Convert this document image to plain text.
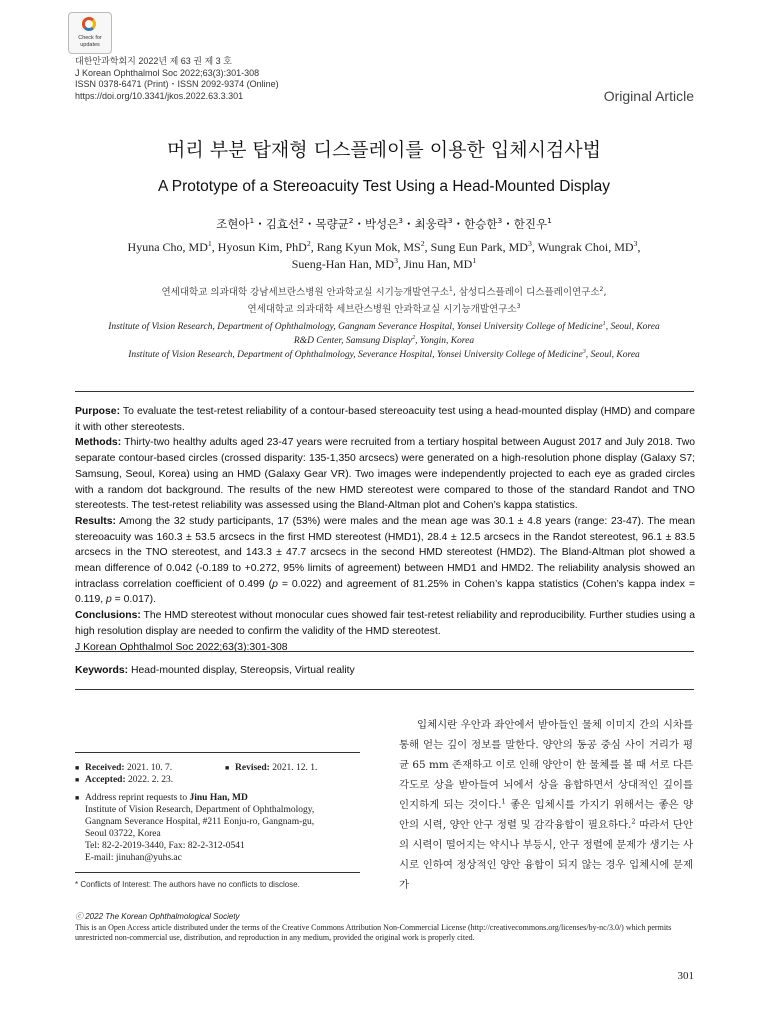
Check for
updates
대한안과학회지 2022년 제 63 권 제 3 호
J Korean Ophthalmol Soc 2022;63(3):301-308
ISSN 0378-6471 (Print)・ISSN 2092-9374 (Online)
https://doi.org/10.3341/jkos.2022.63.3.301	Original Article
머리 부분 탑재형 디스플레이를 이용한 입체시검사법
A Prototype of a Stereoacuity Test Using a Head-Mounted Display
조현아$^1$・김효선$^2$・목량균$^2$・박성은$^3$・최웅락$^3$・한승한$^3$・한진우$^1$
Hyuna Cho, $MD^1$, Hyosun Kim, PhD$^2$, Rang Kyun Mok, $MS^2$, Sung Eun Park, $MD^3$, Wungrak Choi, $MD^3$,
Sueng-Han Han, $MD^3$, Jinu Han, $MD^1$
연세대학교 의과대학 강남세브란스병원 안과학교실 시기능개발연구소$^1$, 삼성디스플레이 디스플레이연구소$^2$,
연세대학교 의과대학 세브란스병원 안과학교실 시기능개발연구소$^3$
Institute of Vision Research, Department of Ophthalmology, Gangnam Severance Hospital, Yonsei University College of Medicine$^1$, Seoul, Korea
R&D Center, Samsung Display$^2$, Yongin, Korea
Institute of Vision Research, Department of Ophthalmology, Severance Hospital, Yonsei University College of Medicine$^3$, Seoul, Korea

Purpose: To evaluate the test-retest reliability of a contour-based stereoacuity test using a head-mounted display (HMD) and compare it with other stereotests.

Methods: Thirty-two healthy adults aged 23-47 years were recruited from a tertiary hospital between August 2017 and July 2018. Two separate contour-based circles (crossed disparity: 135-1,350 arcsecs) were generated on a high-resolution phone display (Galaxy S7; Samsung, Seoul, Korea) using an HMD (Galaxy Gear VR). Two images were independently projected to each eye as graded circles with a random dot background. The results of the new HMD stereotest were compared to those of the standard Randot and TNO stereotests. The test-retest reliability was assessed using the Bland-Altman plot and Cohen’s kappa statistics.

Results: Among the 32 study participants, 17 (53%) were males and the mean age was 30.1 ± 4.8 years (range: 23-47). The mean stereoacuity was 160.3 ± 53.5 arcsecs in the first HMD stereotest (HMD1), 28.4 ± 12.5 arcsecs in the Randot stereotest, 96.1 ± 83.5 arcsecs in the TNO stereotest, and 143.3 ± 47.7 arcsecs in the second HMD stereotest (HMD2). The Bland-Altman plot showed a mean difference of 0.042 (-0.189 to +0.272, 95% limits of agreement) between HMD1 and HMD2. The reliability analysis showed an intraclass correlation coefficient of 0.499 (p = 0.022) and agreement of 81.25% in Cohen’s kappa statistics (Cohen’s kappa index = 0.119, p = 0.017).

Conclusions: The HMD stereotest without monocular cues showed fair test-retest reliability and reproducibility. Further studies using a high resolution display are needed to confirm the validity of the HMD stereotest.

J Korean Ophthalmol Soc 2022;63(3):301-308

Keywords: Head-mounted display, Stereopsis, Virtual reality
■ Received: 2021. 10. 7.
■	Revised: 2021. 12. 1.
■ Accepted: 2022. 2. 23.
■ Address reprint requests to Jinu Han, MD
Institute of Vision Research, Department of Ophthalmology,
Gangnam Severance Hospital, #211 Eonju-ro, Gangnam-gu,
Seoul 03722, Korea
Tel: 82-2-2019-3440, Fax: 82-2-312-0541
E-mail: jinuhan@yuhs.ac
* Conflicts of Interest: The authors have no conflicts to disclose.
입체시란 우안과 좌안에서 받아들인 물체 이미지 간의 시차를 통해 얻는 깊이 정보를 말한다. 양안의 동공 중심 사이 거리가 평균 65 mm 존재하고 이로 인해 양안이 한 물체를 볼 때 서로 다른 각도로 상을 받아들여 뇌에서 상을 융합하면서 상대적인 깊이를 인지하게 되는 것이다.$^1$ 좋은 입체시를 가지기 위해서는 좋은 양안의 시력, 양안 안구 정렬 및 감각융합이 필요하다.$^2$ 따라서 단안의 시력이 떨어지는 약시나 부등시, 안구 정렬에 문제가 생기는 사시로 인하여 정상적인 양안 융합이 되지 않는 경우 입체시에 문제가
ⓒ 2022 The Korean Ophthalmological Society
This is an Open Access article distributed under the terms of the Creative Commons Attribution Non-Commercial License (http://creativecommons.org/licenses/by-nc/3.0/) which permits unrestricted non-commercial use, distribution, and reproduction in any medium, provided the original work is properly cited.
301
